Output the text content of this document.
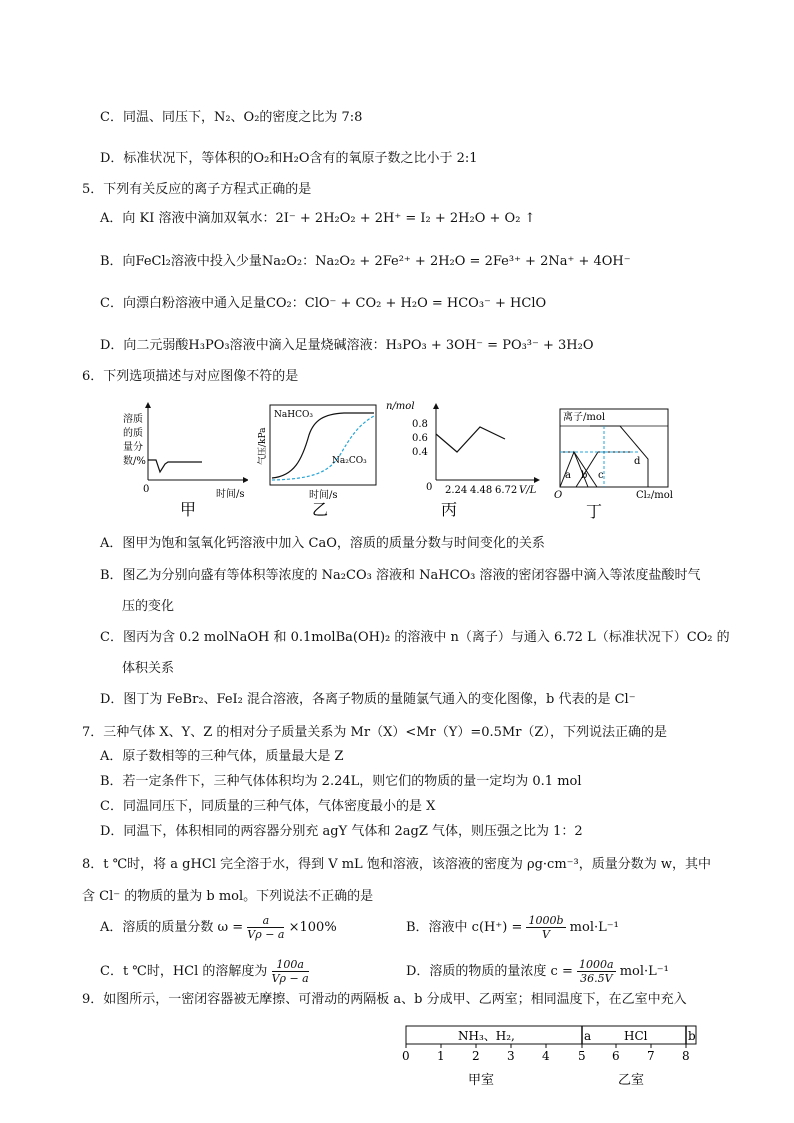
C．同温、同压下，N₂、O₂的密度之比为 7:8
D．标准状况下，等体积的O₂和H₂O含有的氧原子数之比小于 2:1
5．下列有关反应的离子方程式正确的是
A．向 KI 溶液中滴加双氧水：2I⁻ + 2H₂O₂ + 2H⁺ = I₂ + 2H₂O + O₂ ↑
B．向FeCl₂溶液中投入少量Na₂O₂：Na₂O₂ + 2Fe²⁺ + 2H₂O = 2Fe³⁺ + 2Na⁺ + 4OH⁻
C．向漂白粉溶液中通入足量CO₂：ClO⁻ + CO₂ + H₂O = HCO₃⁻ + HClO
D．向二元弱酸H₃PO₃溶液中滴入足量烧碱溶液：H₃PO₃ + 3OH⁻ = PO₃³⁻ + 3H₂O
6．下列选项描述与对应图像不符的是
溶质
的质
量分
数/%
0	时间/s
甲
NaHCO₃
Na₂CO₃
气压/kPa
时间/s
乙
n/mol
0.8
0.6
0.4
0 2.24 4.48 6.72 V/L
丙
离子/mol
a b c
d
O	Cl₂/mol
丁
A．图甲为饱和氢氧化钙溶液中加入 CaO，溶质的质量分数与时间变化的关系
B．图乙为分别向盛有等体积等浓度的 Na₂CO₃ 溶液和 NaHCO₃ 溶液的密闭容器中滴入等浓度盐酸时气
压的变化
C．图丙为含 0.2 molNaOH 和 0.1molBa(OH)₂ 的溶液中 n（离子）与通入 6.72 L（标准状况下）CO₂ 的
体积关系
D．图丁为 FeBr₂、FeI₂ 混合溶液，各离子物质的量随氯气通入的变化图像，b 代表的是 Cl⁻
7．三种气体 X、Y、Z 的相对分子质量关系为 Mr（X）<Mr（Y）=0.5Mr（Z），下列说法正确的是
A．原子数相等的三种气体，质量最大是 Z
B．若一定条件下，三种气体体积均为 2.24L，则它们的物质的量一定均为 0.1 mol
C．同温同压下，同质量的三种气体，气体密度最小的是 X
D．同温下，体积相同的两容器分别充 agY 气体和 2agZ 气体，则压强之比为 1：2
8．t ℃时，将 a gHCl 完全溶于水，得到 V mL 饱和溶液，该溶液的密度为 ρg·cm⁻³，质量分数为 w，其中
含 Cl⁻ 的物质的量为 b mol。下列说法不正确的是
A．溶质的质量分数 $\omega = \frac{a}{V\rho - a} \times 100\%$	B．溶液中 $c(H^+) = \frac{1000b}{V} mol\cdot L^{-1}$
C．t ℃时，HCl 的溶解度为 $\frac{100a}{V\rho - a}$	D．溶质的物质的量浓度 $c = \frac{1000a}{36.5V} mol\cdot L^{-1}$
9．如图所示，一密闭容器被无摩擦、可滑动的两隔板 a、b 分成甲、乙两室；相同温度下，在乙室中充入
NH₃、H₂,	a	HCl	b
0 1 2 3 4 5 6 7 8
甲室	乙室
